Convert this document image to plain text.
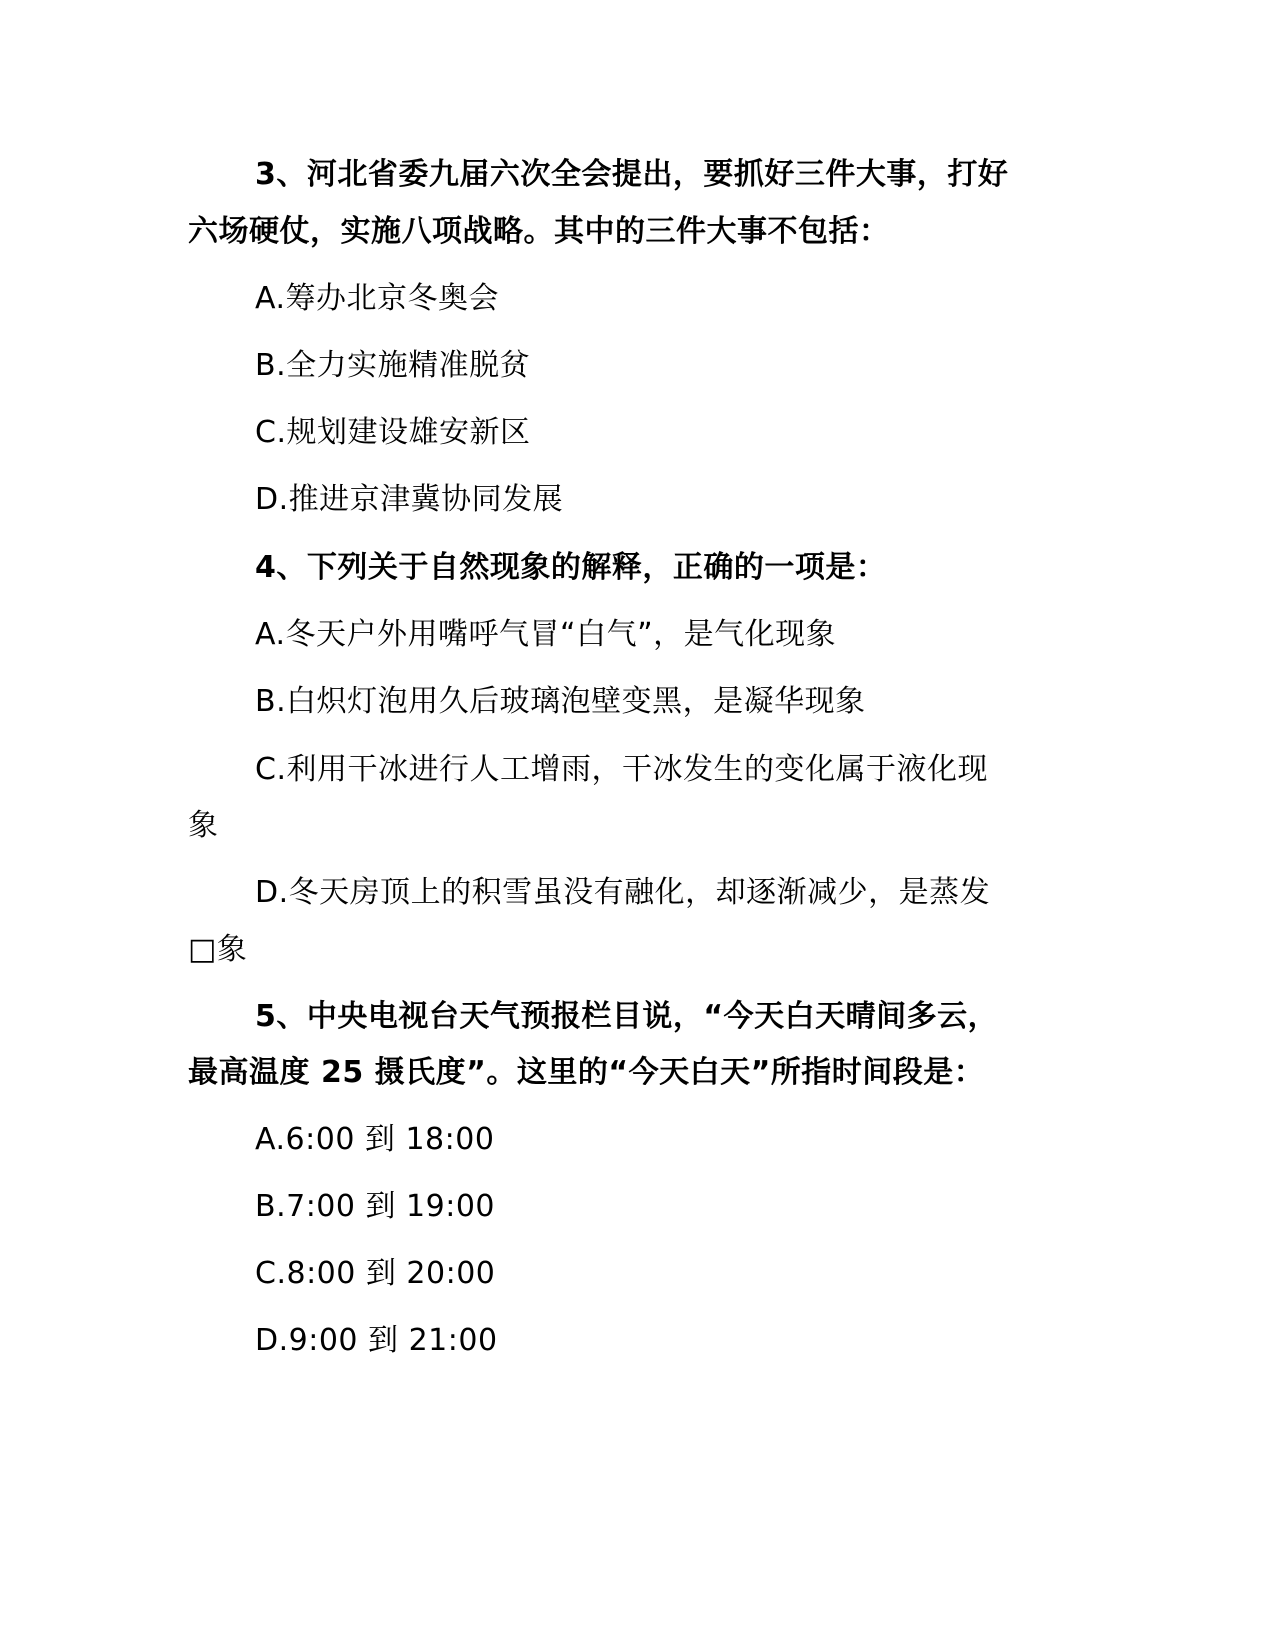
3、河北省委九届六次全会提出，要抓好三件大事，打好
六场硬仗，实施八项战略。其中的三件大事不包括：
A.筹办北京冬奥会
B.全力实施精准脱贫
C.规划建设雄安新区
D.推进京津冀协同发展
4、下列关于自然现象的解释，正确的一项是：
A.冬天户外用嘴呼气冒“白气”，是气化现象
B.白炽灯泡用久后玻璃泡壁变黑，是凝华现象
C.利用干冰进行人工增雨，干冰发生的变化属于液化现
象
D.冬天房顶上的积雪虽没有融化，却逐渐减少，是蒸发
□象
5、中央电视台天气预报栏目说，“今天白天晴间多云，
最高温度 25 摄氏度”。这里的“今天白天”所指时间段是：
A.6:00 到 18:00
B.7:00 到 19:00
C.8:00 到 20:00
D.9:00 到 21:00
